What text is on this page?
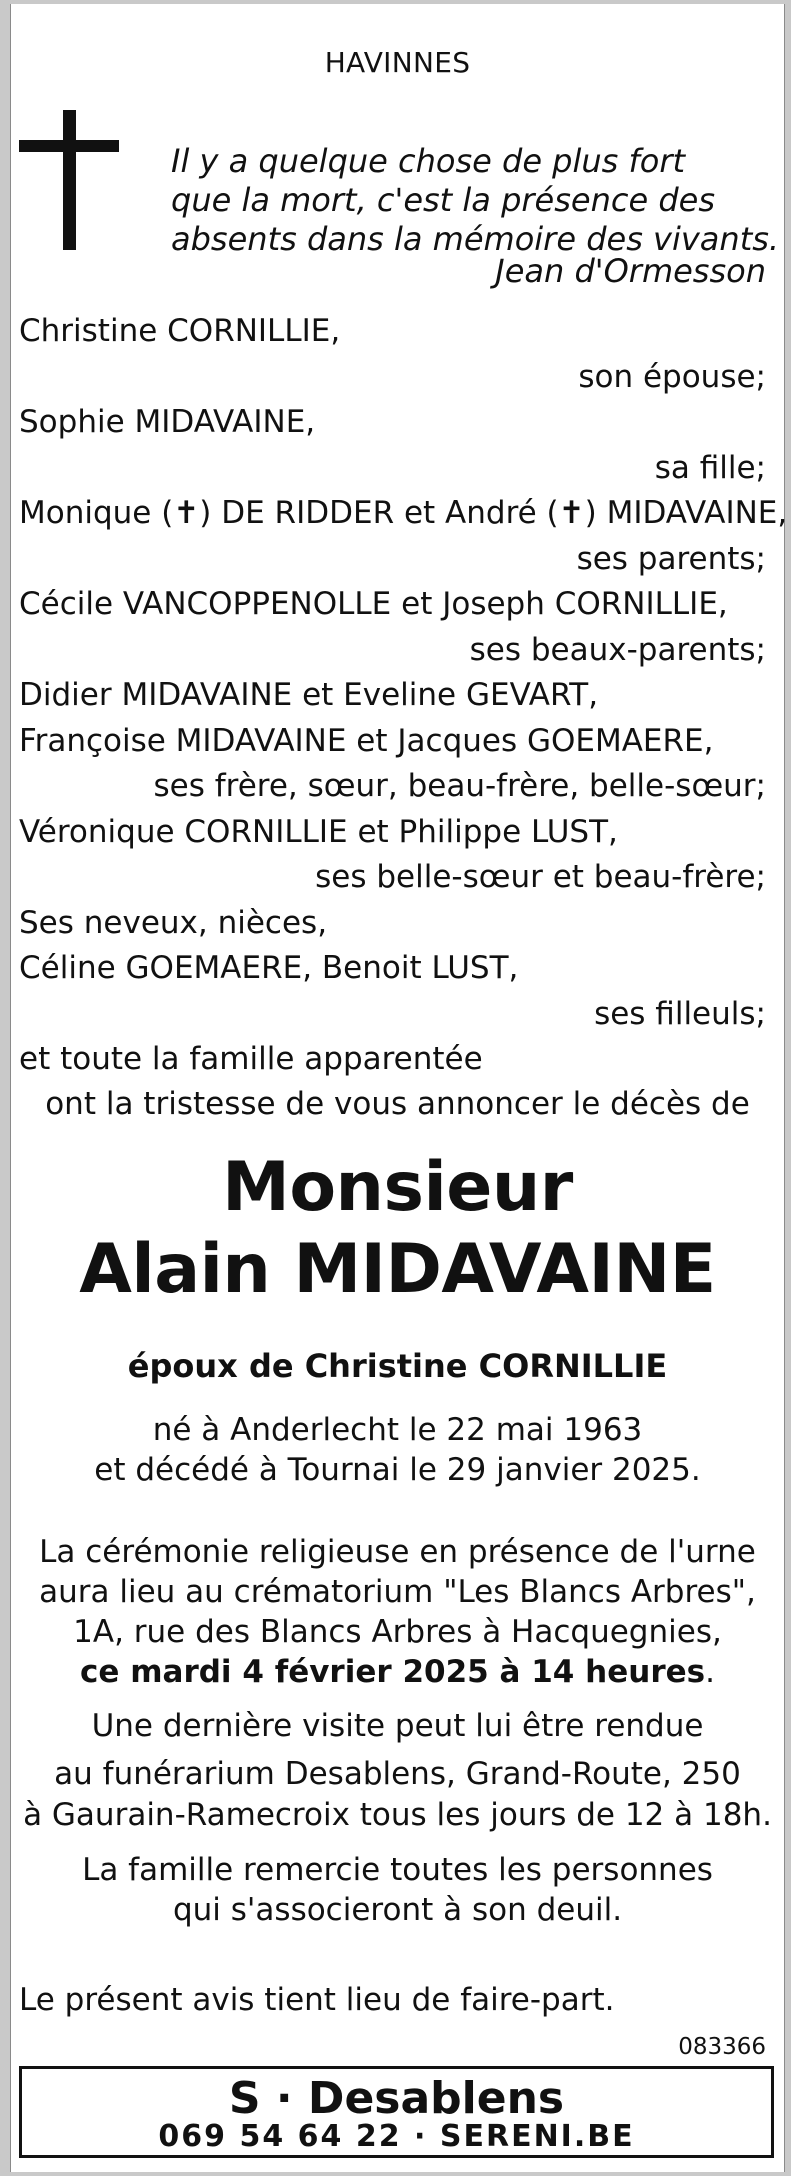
HAVINNES
Il y a quelque chose de plus fort
que la mort, c'est la présence des
absents dans la mémoire des vivants.
Jean d'Ormesson
Christine CORNILLIE,
son épouse;
Sophie MIDAVAINE,
sa fille;
Monique (✝) DE RIDDER et André (✝) MIDAVAINE,
ses parents;
Cécile VANCOPPENOLLE et Joseph CORNILLIE,
ses beaux-parents;
Didier MIDAVAINE et Eveline GEVART,
Françoise MIDAVAINE et Jacques GOEMAERE,
ses frère, sœur, beau-frère, belle-sœur;
Véronique CORNILLIE et Philippe LUST,
ses belle-sœur et beau-frère;
Ses neveux, nièces,
Céline GOEMAERE, Benoit LUST,
ses filleuls;
et toute la famille apparentée
ont la tristesse de vous annoncer le décès de
Monsieur
Alain MIDAVAINE
époux de Christine CORNILLIE
né à Anderlecht le 22 mai 1963
et décédé à Tournai le 29 janvier 2025.
La cérémonie religieuse en présence de l'urne
aura lieu au crématorium "Les Blancs Arbres",
1A, rue des Blancs Arbres à Hacquegnies,
ce mardi 4 février 2025 à 14 heures.
Une dernière visite peut lui être rendue
au funérarium Desablens, Grand-Route, 250
à Gaurain-Ramecroix tous les jours de 12 à 18h.
La famille remercie toutes les personnes
qui s'associeront à son deuil.
Le présent avis tient lieu de faire-part.
083366
S · Desablens
069 54 64 22 · SERENI.BE
